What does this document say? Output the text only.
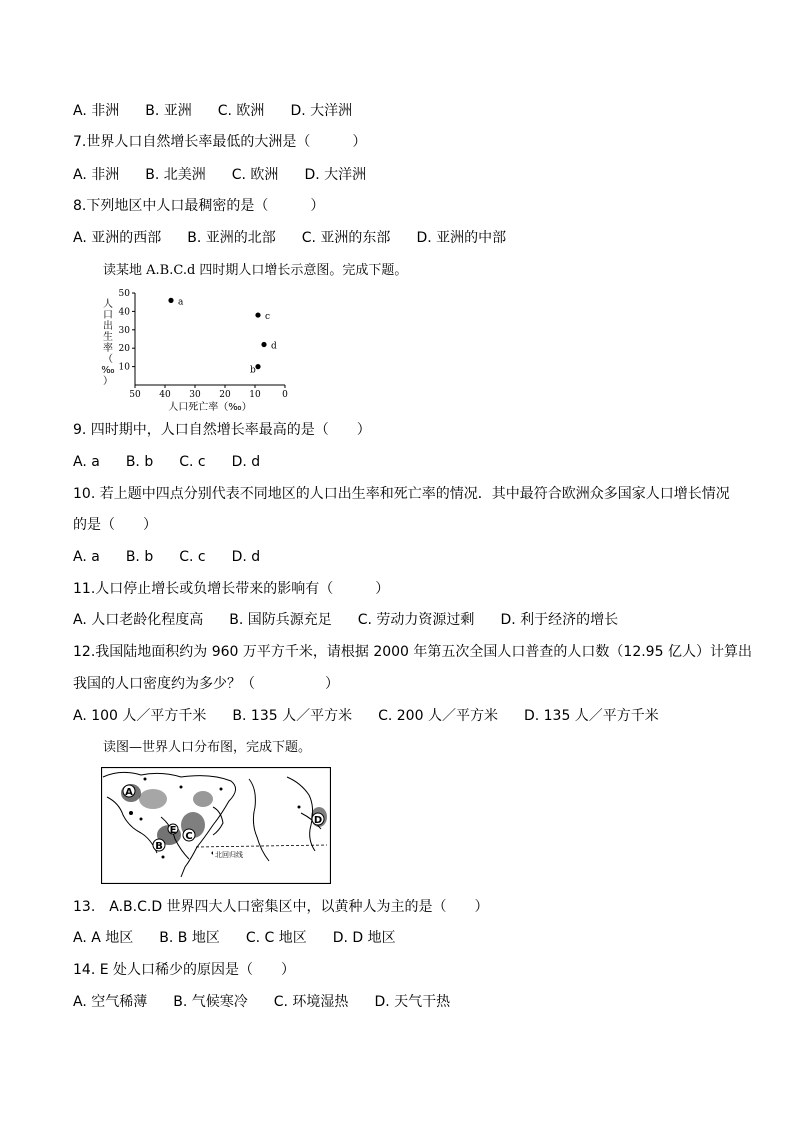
A. 非洲 B. 亚洲 C. 欧洲 D. 大洋洲
7.世界人口自然增长率最低的大洲是（　　　）
A. 非洲 B. 北美洲 C. 欧洲 D. 大洋洲
8.下列地区中人口最稠密的是（　　　）
A. 亚洲的西部 B. 亚洲的北部 C. 亚洲的东部 D. 亚洲的中部
读某地 A.B.C.d 四时期人口增长示意图。完成下题。
50 40 30 20 10 0
50
40
30
20
10
人口死亡率（‰）
人
口
出
生
率
（
‰
）
a
b
c
d
9. 四时期中，人口自然增长率最高的是（　　）
A. a B. b C. c D. d
10. 若上题中四点分别代表不同地区的人口出生率和死亡率的情况．其中最符合欧洲众多国家人口增长情况
的是（　　）
A. a B. b C. c D. d
11.人口停止增长或负增长带来的影响有（　　　）
A. 人口老龄化程度高 B. 国防兵源充足 C. 劳动力资源过剩 D. 利于经济的增长
12.我国陆地面积约为 960 万平方千米，请根据 2000 年第五次全国人口普查的人口数（12.95 亿人）计算出
我国的人口密度约为多少？（　　　　　）
A. 100 人／平方千米 B. 135 人／平方米 C. 200 人／平方米 D. 135 人／平方千米
读图—世界人口分布图，完成下题。
北回归线
A
B
C
D
E
13.　A.B.C.D 世界四大人口密集区中，以黄种人为主的是（　　）
A. A 地区 B. B 地区 C. C 地区 D. D 地区
14. E 处人口稀少的原因是（　　）
A. 空气稀薄 B. 气候寒冷 C. 环境湿热 D. 天气干热
